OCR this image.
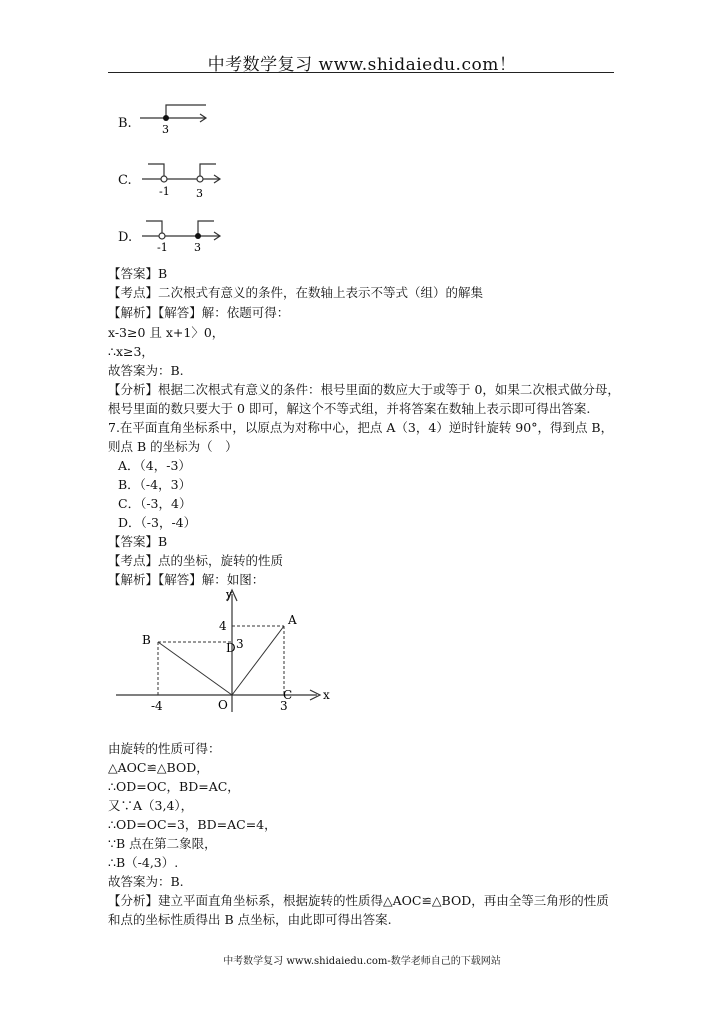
中考数学复习 www.shidaiedu.com！
B.	3
C.
-1 3
D.
-1 3
【答案】B
【考点】二次根式有意义的条件，在数轴上表示不等式（组）的解集
【解析】【解答】解：依题可得：
x-3≥0 且 x+1〉0，
∴x≥3，
故答案为：B.
【分析】根据二次根式有意义的条件：根号里面的数应大于或等于 0，如果二次根式做分母，
根号里面的数只要大于 0 即可，解这个不等式组，并将答案在数轴上表示即可得出答案.
7.在平面直角坐标系中，以原点为对称中心，把点 A（3，4）逆时针旋转 90°，得到点 B，
则点 B 的坐标为（　）
A．（4，-3）
B．（-4，3）
C．（-3，4）
D．（-3，-4）
【答案】B
【考点】点的坐标，旋转的性质
【解析】【解答】解：如图：
y
x
O
A
B
C
D
4
3
-4	3
由旋转的性质可得：
△AOC≌△BOD，
∴OD=OC，BD=AC，
又∵A（3,4），
∴OD=OC=3，BD=AC=4，
∵B 点在第二象限，
∴B（-4,3）.
故答案为：B.
【分析】建立平面直角坐标系，根据旋转的性质得△AOC≌△BOD，再由全等三角形的性质
和点的坐标性质得出 B 点坐标，由此即可得出答案.
中考数学复习 www.shidaiedu.com-数学老师自己的下载网站
